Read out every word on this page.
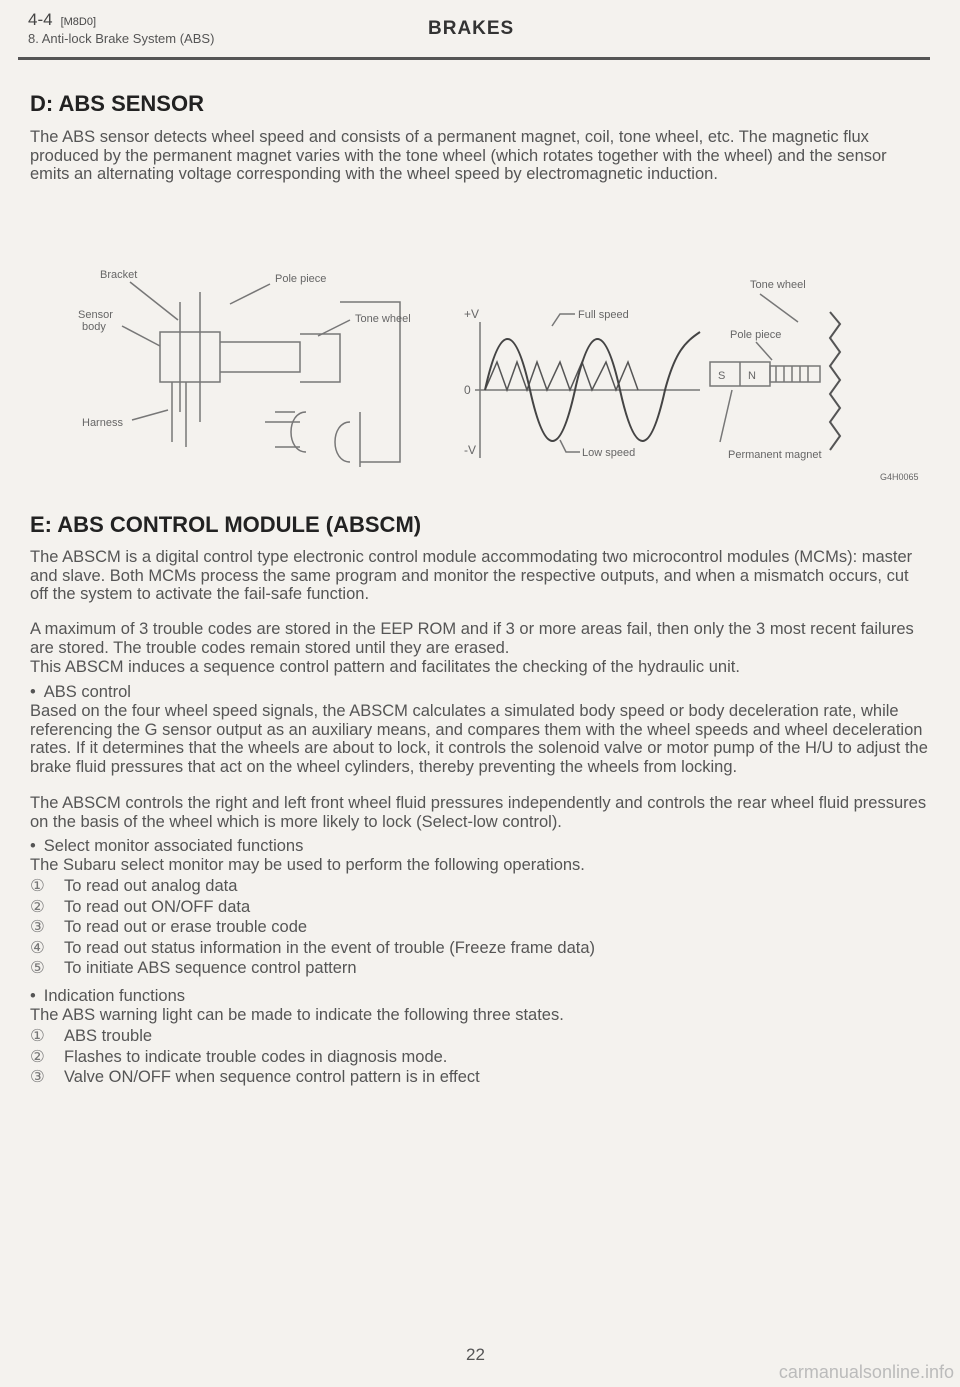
4-4 [M8D0]
8. Anti-lock Brake System (ABS)	BRAKES
D: ABS SENSOR

The ABS sensor detects wheel speed and consists of a permanent magnet, coil, tone wheel, etc. The magnetic flux produced by the permanent magnet varies with the tone wheel (which rotates together with the wheel) and the sensor emits an alternating voltage corresponding with the wheel speed by electromagnetic induction.

Bracket	Pole piece
Sensor
body
Tone wheel
Harness
+V
0
-V
Full speed
Low speed
Tone wheel
Pole piece
S N
Permanent magnet
G4H0065
E: ABS CONTROL MODULE (ABSCM)

The ABSCM is a digital control type electronic control module accommodating two microcontrol modules (MCMs): master and slave. Both MCMs process the same program and monitor the respective outputs, and when a mismatch occurs, cut off the system to activate the fail-safe function.

A maximum of 3 trouble codes are stored in the EEP ROM and if 3 or more areas fail, then only the 3 most recent failures are stored. The trouble codes remain stored until they are erased.

This ABSCM induces a sequence control pattern and facilitates the checking of the hydraulic unit.

• ABS control

Based on the four wheel speed signals, the ABSCM calculates a simulated body speed or body deceleration rate, while referencing the G sensor output as an auxiliary means, and compares them with the wheel speeds and wheel deceleration rates. If it determines that the wheels are about to lock, it controls the solenoid valve or motor pump of the H/U to adjust the brake fluid pressures that act on the wheel cylinders, thereby preventing the wheels from locking.

The ABSCM controls the right and left front wheel fluid pressures independently and controls the rear wheel fluid pressures on the basis of the wheel which is more likely to lock (Select-low control).

• Select monitor associated functions

The Subaru select monitor may be used to perform the following operations.

①	To read out analog data
②	To read out ON/OFF data
③	To read out or erase trouble code
④	To read out status information in the event of trouble (Freeze frame data)
⑤	To initiate ABS sequence control pattern
• Indication functions

The ABS warning light can be made to indicate the following three states.

①	ABS trouble
②	Flashes to indicate trouble codes in diagnosis mode.
③	Valve ON/OFF when sequence control pattern is in effect
22
carmanualsonline.info
